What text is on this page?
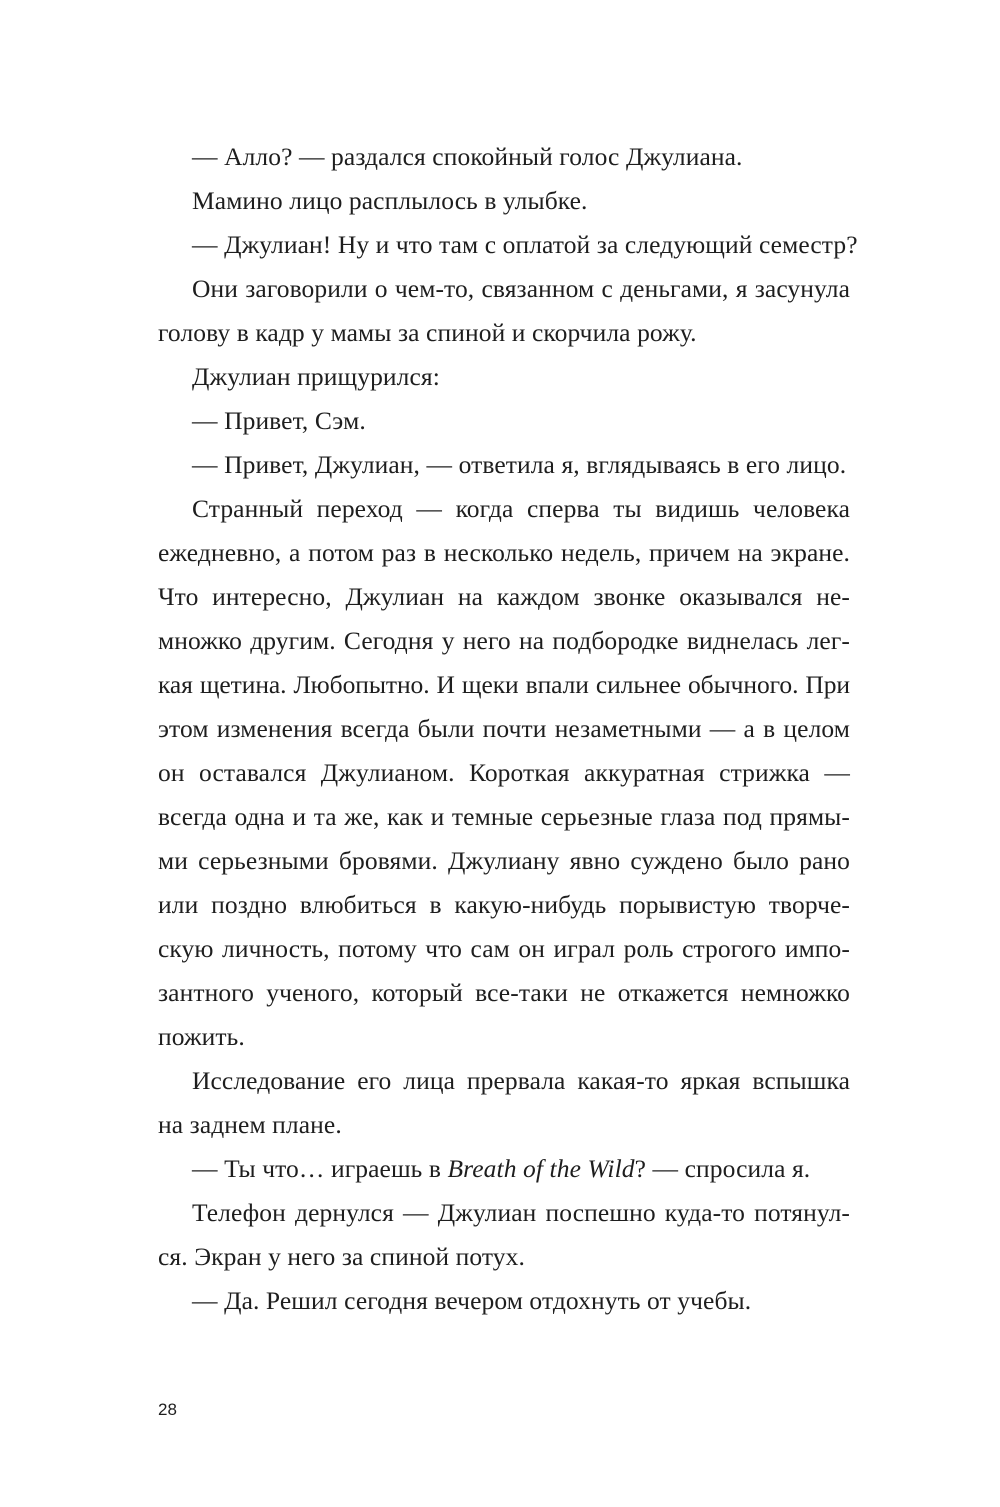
— Алло? — раздался спокойный голос Джулиана.
Мамино лицо расплылось в улыбке.
— Джулиан! Ну и что там с оплатой за следующий семестр?
Они заговорили о чем-то, связанном с деньгами, я засунула
голову в кадр у мамы за спиной и скорчила рожу.
Джулиан прищурился:
— Привет, Сэм.
— Привет, Джулиан, — ответила я, вглядываясь в его лицо.
Странный переход — когда сперва ты видишь человека
ежедневно, а потом раз в несколько недель, причем на экране.
Что интересно, Джулиан на каждом звонке оказывался не-
множко другим. Сегодня у него на подбородке виднелась лег-
кая щетина. Любопытно. И щеки впали сильнее обычного. При
этом изменения всегда были почти незаметными — а в целом
он оставался Джулианом. Короткая аккуратная стрижка —
всегда одна и та же, как и темные серьезные глаза под прямы-
ми серьезными бровями. Джулиану явно суждено было рано
или поздно влюбиться в какую-нибудь порывистую творче-
скую личность, потому что сам он играл роль строгого импо-
зантного ученого, который все-таки не откажется немножко
пожить.
Исследование его лица прервала какая-то яркая вспышка
на заднем плане.
— Ты что… играешь в Breath of the Wild? — спросила я.
Телефон дернулся — Джулиан поспешно куда-то потянул-
ся. Экран у него за спиной потух.
— Да. Решил сегодня вечером отдохнуть от учебы.
28
